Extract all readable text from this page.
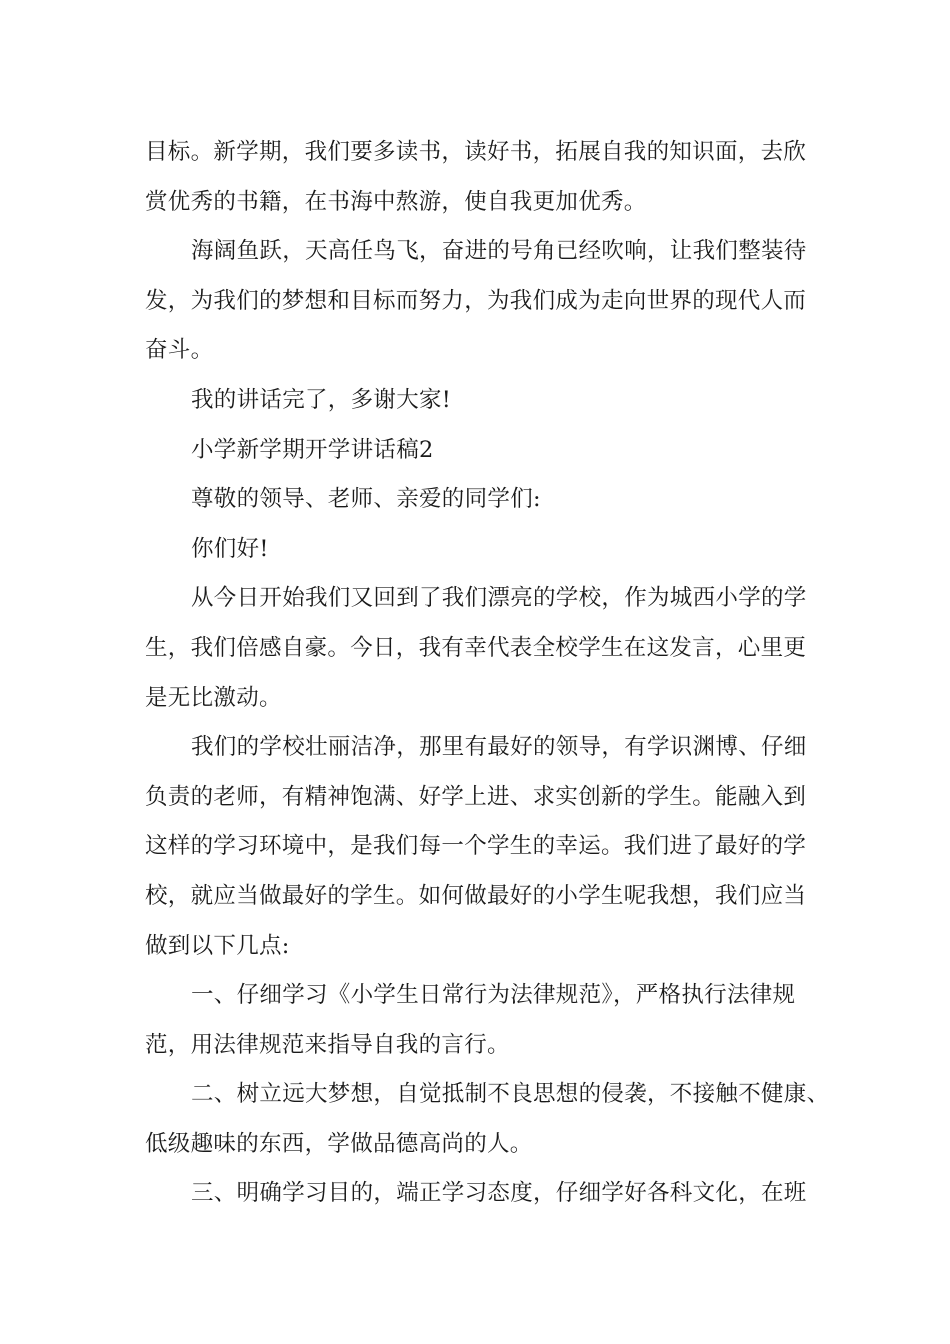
目标。新学期，我们要多读书，读好书，拓展自我的知识面，去欣
赏优秀的书籍，在书海中熬游，使自我更加优秀。
海阔鱼跃，天高任鸟飞，奋进的号角已经吹响，让我们整装待
发，为我们的梦想和目标而努力，为我们成为走向世界的现代人而
奋斗。
我的讲话完了，多谢大家!
小学新学期开学讲话稿2
尊敬的领导、老师、亲爱的同学们:
你们好!
从今日开始我们又回到了我们漂亮的学校，作为城西小学的学
生，我们倍感自豪。今日，我有幸代表全校学生在这发言，心里更
是无比激动。
我们的学校壮丽洁净，那里有最好的领导，有学识渊博、仔细
负责的老师，有精神饱满、好学上进、求实创新的学生。能融入到
这样的学习环境中，是我们每一个学生的幸运。我们进了最好的学
校，就应当做最好的学生。如何做最好的小学生呢我想，我们应当
做到以下几点:
一、仔细学习《小学生日常行为法律规范》，严格执行法律规
范，用法律规范来指导自我的言行。
二、树立远大梦想，自觉抵制不良思想的侵袭，不接触不健康、
低级趣味的东西，学做品德高尚的人。
三、明确学习目的，端正学习态度，仔细学好各科文化，在班
